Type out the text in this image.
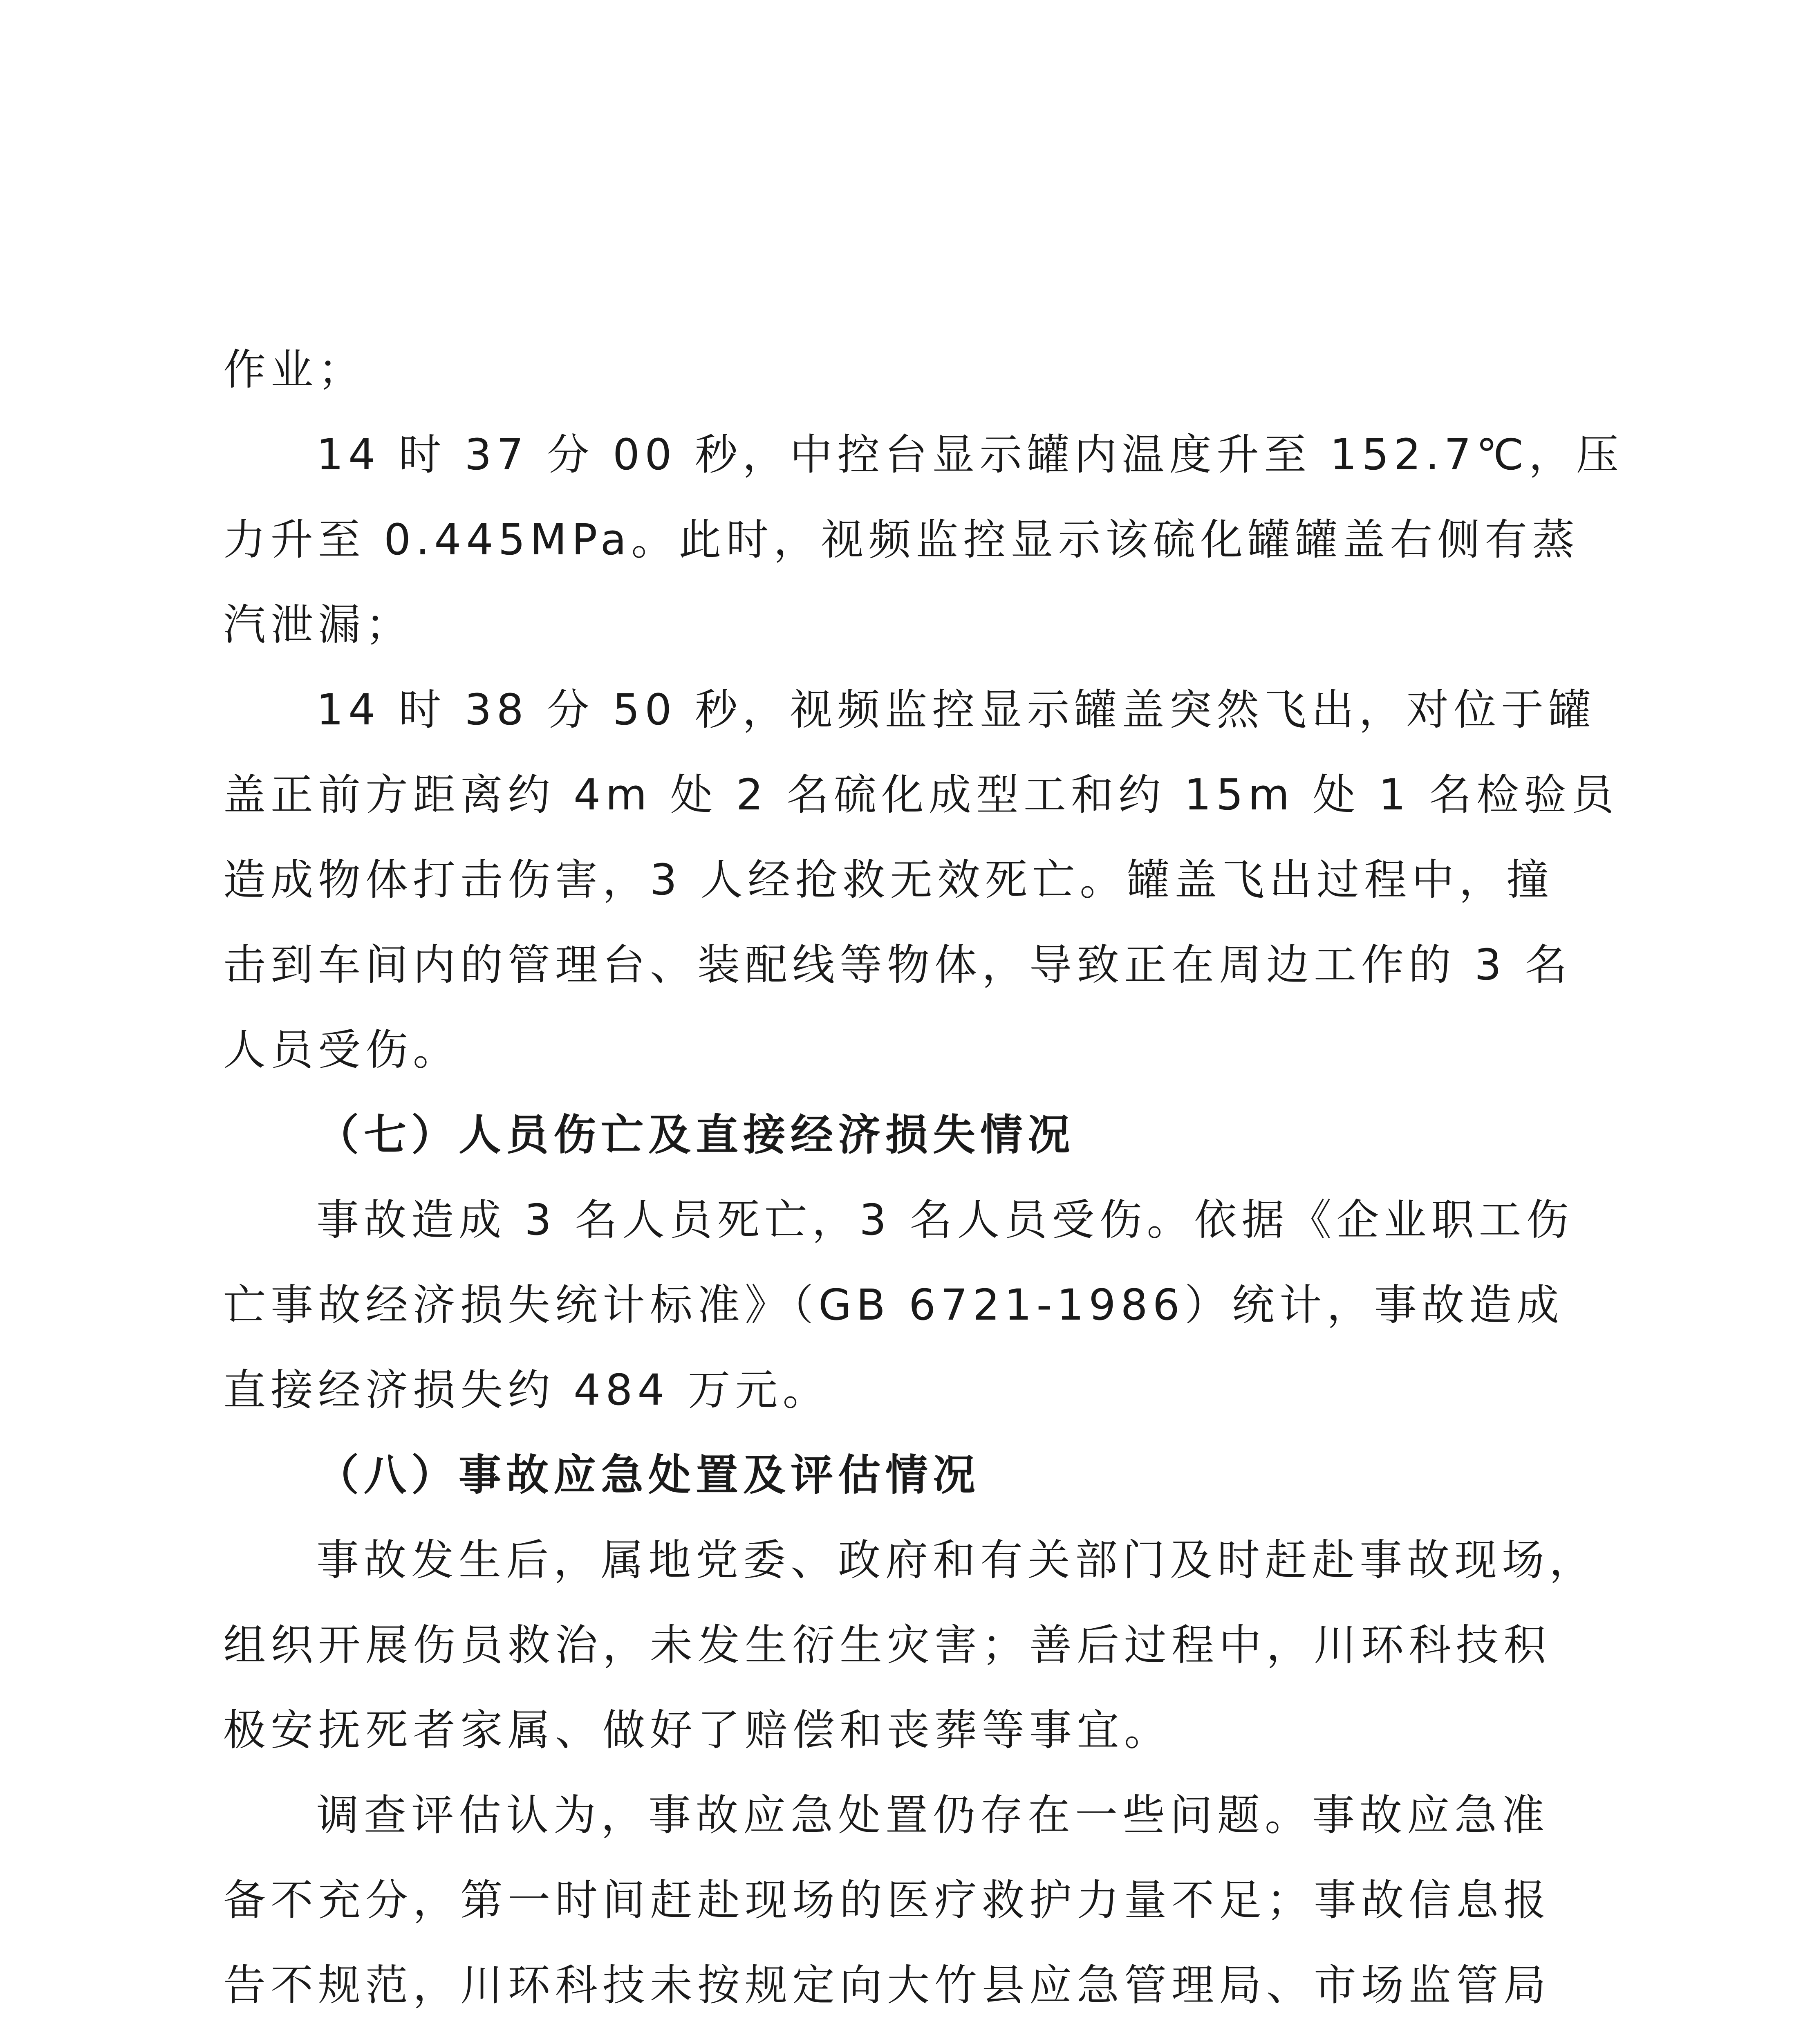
作业；
14 时 37 分 00 秒，中控台显示罐内温度升至 152.7℃，压
力升至 0.445MPa。此时，视频监控显示该硫化罐罐盖右侧有蒸
汽泄漏；
14 时 38 分 50 秒，视频监控显示罐盖突然飞出，对位于罐
盖正前方距离约 4m 处 2 名硫化成型工和约 15m 处 1 名检验员
造成物体打击伤害，3 人经抢救无效死亡。罐盖飞出过程中，撞
击到车间内的管理台、装配线等物体，导致正在周边工作的 3 名
人员受伤。
（七）人员伤亡及直接经济损失情况
事故造成 3 名人员死亡，3 名人员受伤。依据《企业职工伤
亡事故经济损失统计标准》（GB 6721-1986）统计，事故造成
直接经济损失约 484 万元。
（八）事故应急处置及评估情况
事故发生后，属地党委、政府和有关部门及时赶赴事故现场，
组织开展伤员救治，未发生衍生灾害；善后过程中，川环科技积
极安抚死者家属、做好了赔偿和丧葬等事宜。
调查评估认为，事故应急处置仍存在一些问题。事故应急准
备不充分，第一时间赶赴现场的医疗救护力量不足；事故信息报
告不规范，川环科技未按规定向大竹县应急管理局、市场监管局
